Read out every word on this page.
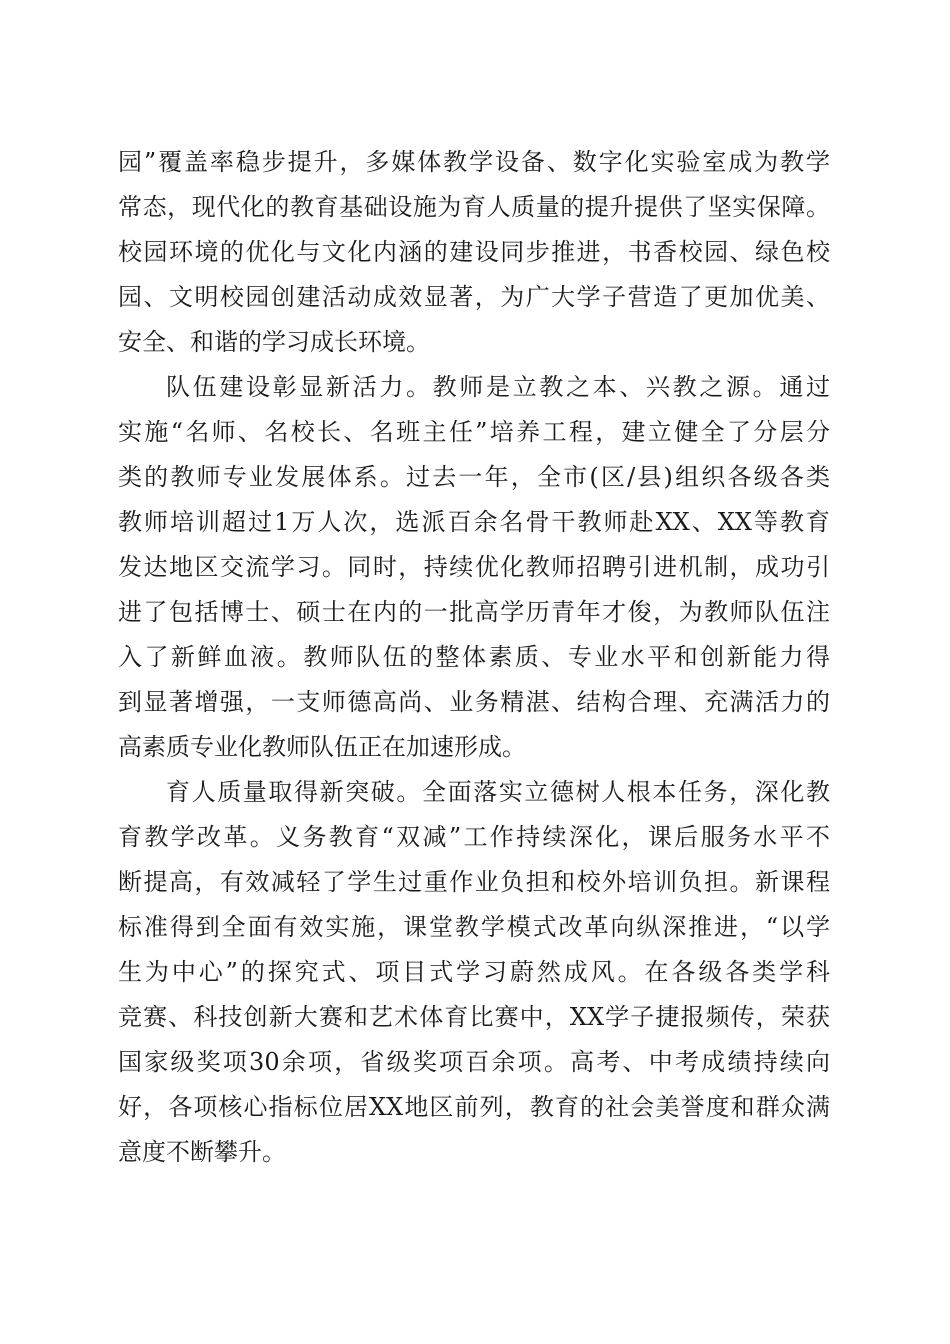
园”覆盖率稳步提升，多媒体教学设备、数字化实验室成为教学
常态，现代化的教育基础设施为育人质量的提升提供了坚实保障。
校园环境的优化与文化内涵的建设同步推进，书香校园、绿色校
园、文明校园创建活动成效显著，为广大学子营造了更加优美、
安全、和谐的学习成长环境。
队伍建设彰显新活力。教师是立教之本、兴教之源。通过
实施“名师、名校长、名班主任”培养工程，建立健全了分层分
类的教师专业发展体系。过去一年，全市(区/县)组织各级各类
教师培训超过1万人次，选派百余名骨干教师赴XX、XX等教育
发达地区交流学习。同时，持续优化教师招聘引进机制，成功引
进了包括博士、硕士在内的一批高学历青年才俊，为教师队伍注
入了新鲜血液。教师队伍的整体素质、专业水平和创新能力得
到显著增强，一支师德高尚、业务精湛、结构合理、充满活力的
高素质专业化教师队伍正在加速形成。
育人质量取得新突破。全面落实立德树人根本任务，深化教
育教学改革。义务教育“双减”工作持续深化，课后服务水平不
断提高，有效减轻了学生过重作业负担和校外培训负担。新课程
标准得到全面有效实施，课堂教学模式改革向纵深推进，“以学
生为中心”的探究式、项目式学习蔚然成风。在各级各类学科
竞赛、科技创新大赛和艺术体育比赛中，XX学子捷报频传，荣获
国家级奖项30余项，省级奖项百余项。高考、中考成绩持续向
好，各项核心指标位居XX地区前列，教育的社会美誉度和群众满
意度不断攀升。
